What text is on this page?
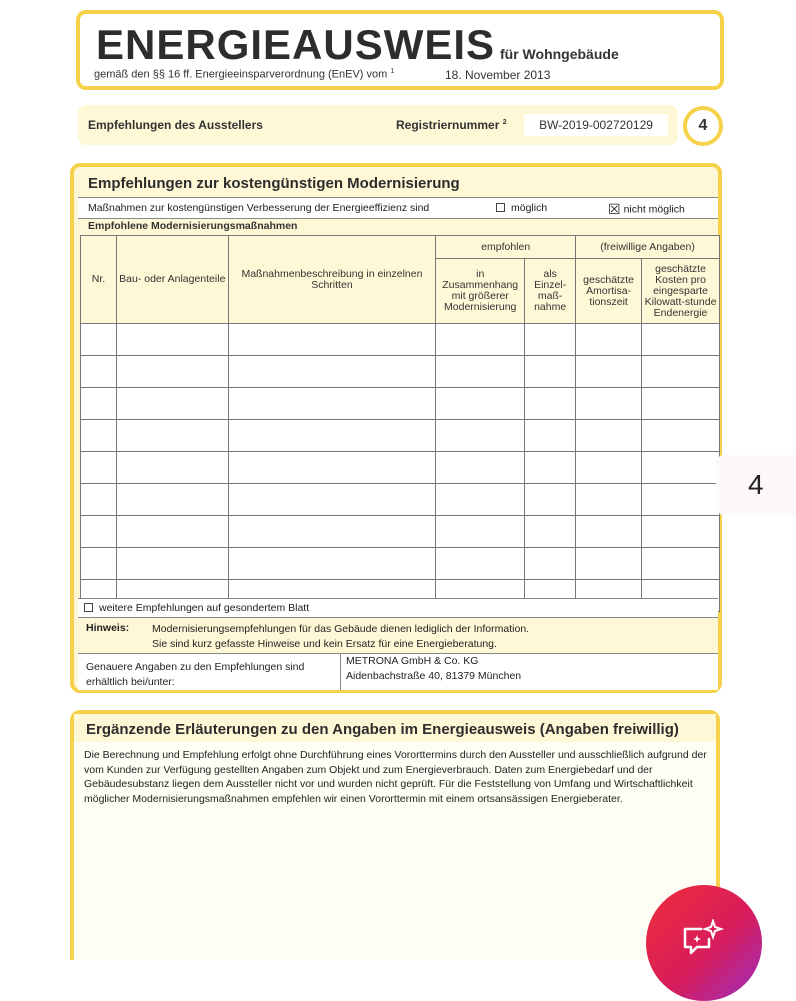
ENERGIEAUSWEIS für Wohngebäude
gemäß den §§ 16 ff. Energieeinsparverordnung (EnEV) vom $^1$	18. November 2013
Empfehlungen des Ausstellers	Registriernummer $^2$	BW-2019-002720129	4
Empfehlungen zur kostengünstigen Modernisierung
Maßnahmen zur kostengünstigen Verbesserung der Energieeffizienz sind	möglich	☒ nicht möglich
Empfohlene Modernisierungsmaßnahmen
Nr.	Bau- oder Anlagenteile	Maßnahmenbeschreibung in einzelnen Schritten	empfohlen		(freiwillige Angaben)	
			in Zusammenhang mit größerer Modernisierung	als Einzel-maß-nahme	geschätzte Amortisa-tionszeit	geschätzte Kosten pro eingesparte Kilowatt-stunde Endenergie

weitere Empfehlungen auf gesondertem Blatt
Hinweis: Modernisierungsempfehlungen für das Gebäude dienen lediglich der Information.
Sie sind kurz gefasste Hinweise und kein Ersatz für eine Energieberatung.
Genauere Angaben zu den Empfehlungen sind
erhältlich bei/unter:
METRONA GmbH & Co. KG
Aidenbachstraße 40, 81379 München
Ergänzende Erläuterungen zu den Angaben im Energieausweis (Angaben freiwillig)
Die Berechnung und Empfehlung erfolgt ohne Durchführung eines Vororttermins durch den Aussteller und ausschließlich aufgrund der vom Kunden zur Verfügung gestellten Angaben zum Objekt und zum Energieverbrauch. Daten zum Energiebedarf und der Gebäudesubstanz liegen dem Aussteller nicht vor und wurden nicht geprüft. Für die Feststellung von Umfang und Wirtschaftlichkeit möglicher Modernisierungsmaßnahmen empfehlen wir einen Vororttermin mit einem ortsansässigen Energieberater.
4
